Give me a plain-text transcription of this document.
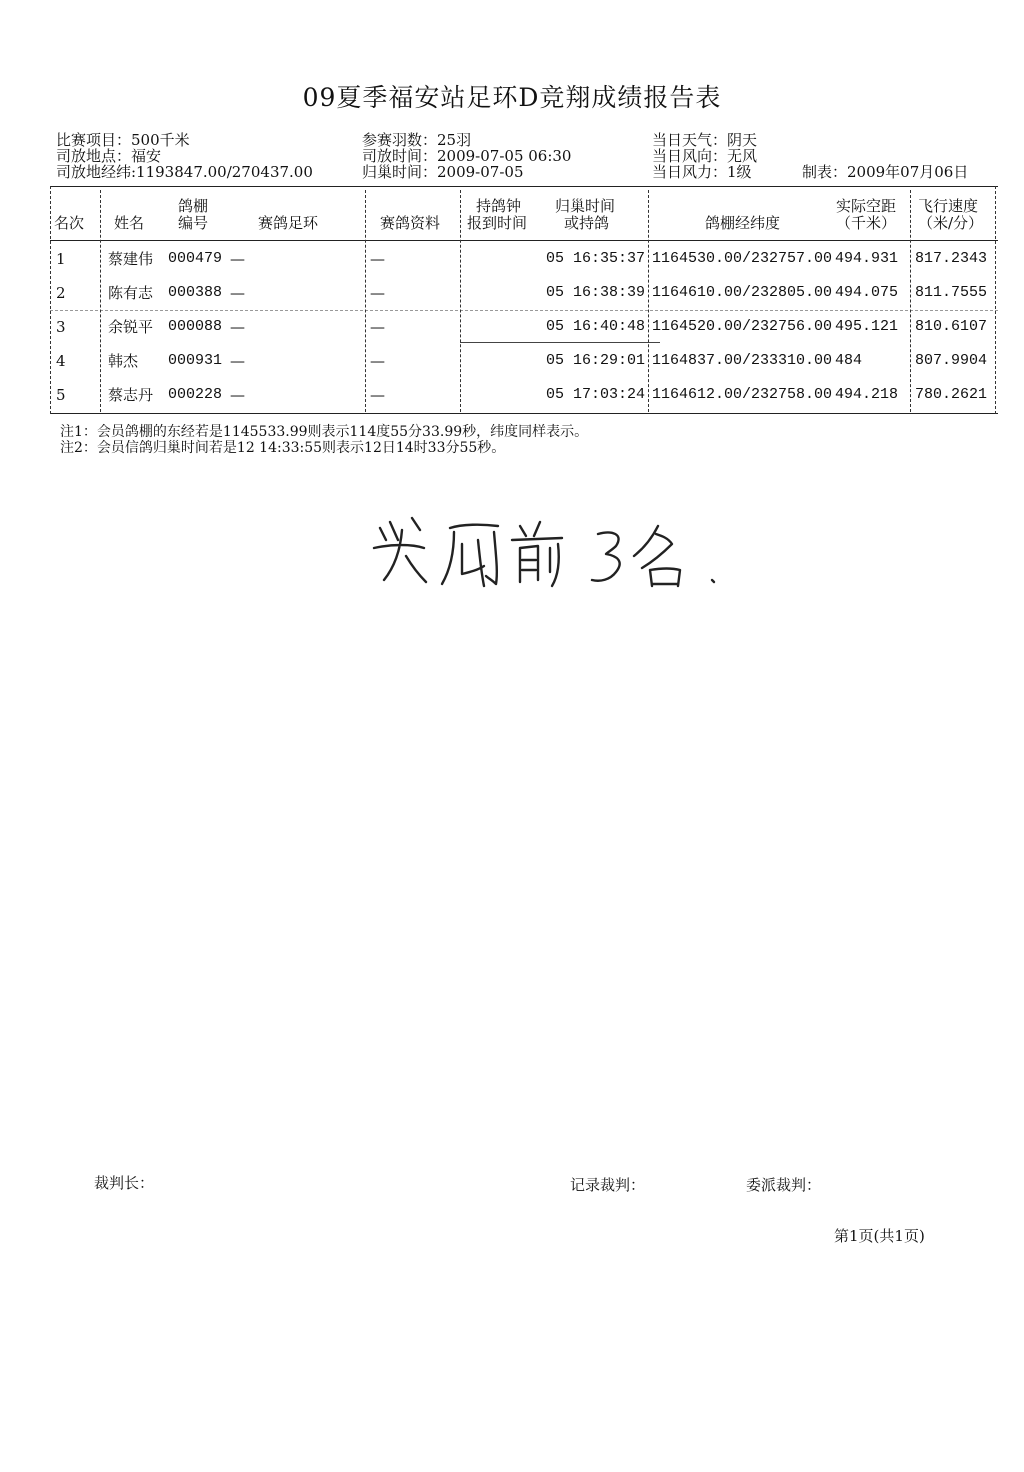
09夏季福安站足环D竞翔成绩报告表
比赛项目：500千米
司放地点：福安
司放地经纬:1193847.00/270437.00
参赛羽数：25羽
司放时间：2009-07-05 06:30
归巢时间：2009-07-05
当日天气：阴天
当日风向：无风
当日风力：1级	制表：2009年07月06日
名次 姓名
鸽棚
编号	赛鸽足环	赛鸽资料
持鸽钟
报到时间
归巢时间
或持鸽	鸽棚经纬度
实际空距
（千米）
飞行速度
（米/分）
1	蔡建伟 000479 —	—	05 16:35:37 1164530.00/232757.00 494.931 817.2343
2	陈有志 000388 —	—	05 16:38:39 1164610.00/232805.00 494.075 811.7555
3	余锐平 000088 —	—	05 16:40:48 1164520.00/232756.00 495.121 810.6107
4	韩杰 000931 —	—	05 16:29:01 1164837.00/233310.00 484	807.9904
5	蔡志丹 000228 —	—	05 17:03:24 1164612.00/232758.00 494.218 780.2621
注1：会员鸽棚的东经若是1145533.99则表示114度55分33.99秒，纬度同样表示。
注2：会员信鸽归巢时间若是12 14:33:55则表示12日14时33分55秒。
奖励前3名
裁判长：	记录裁判：	委派裁判：
第1页(共1页)
